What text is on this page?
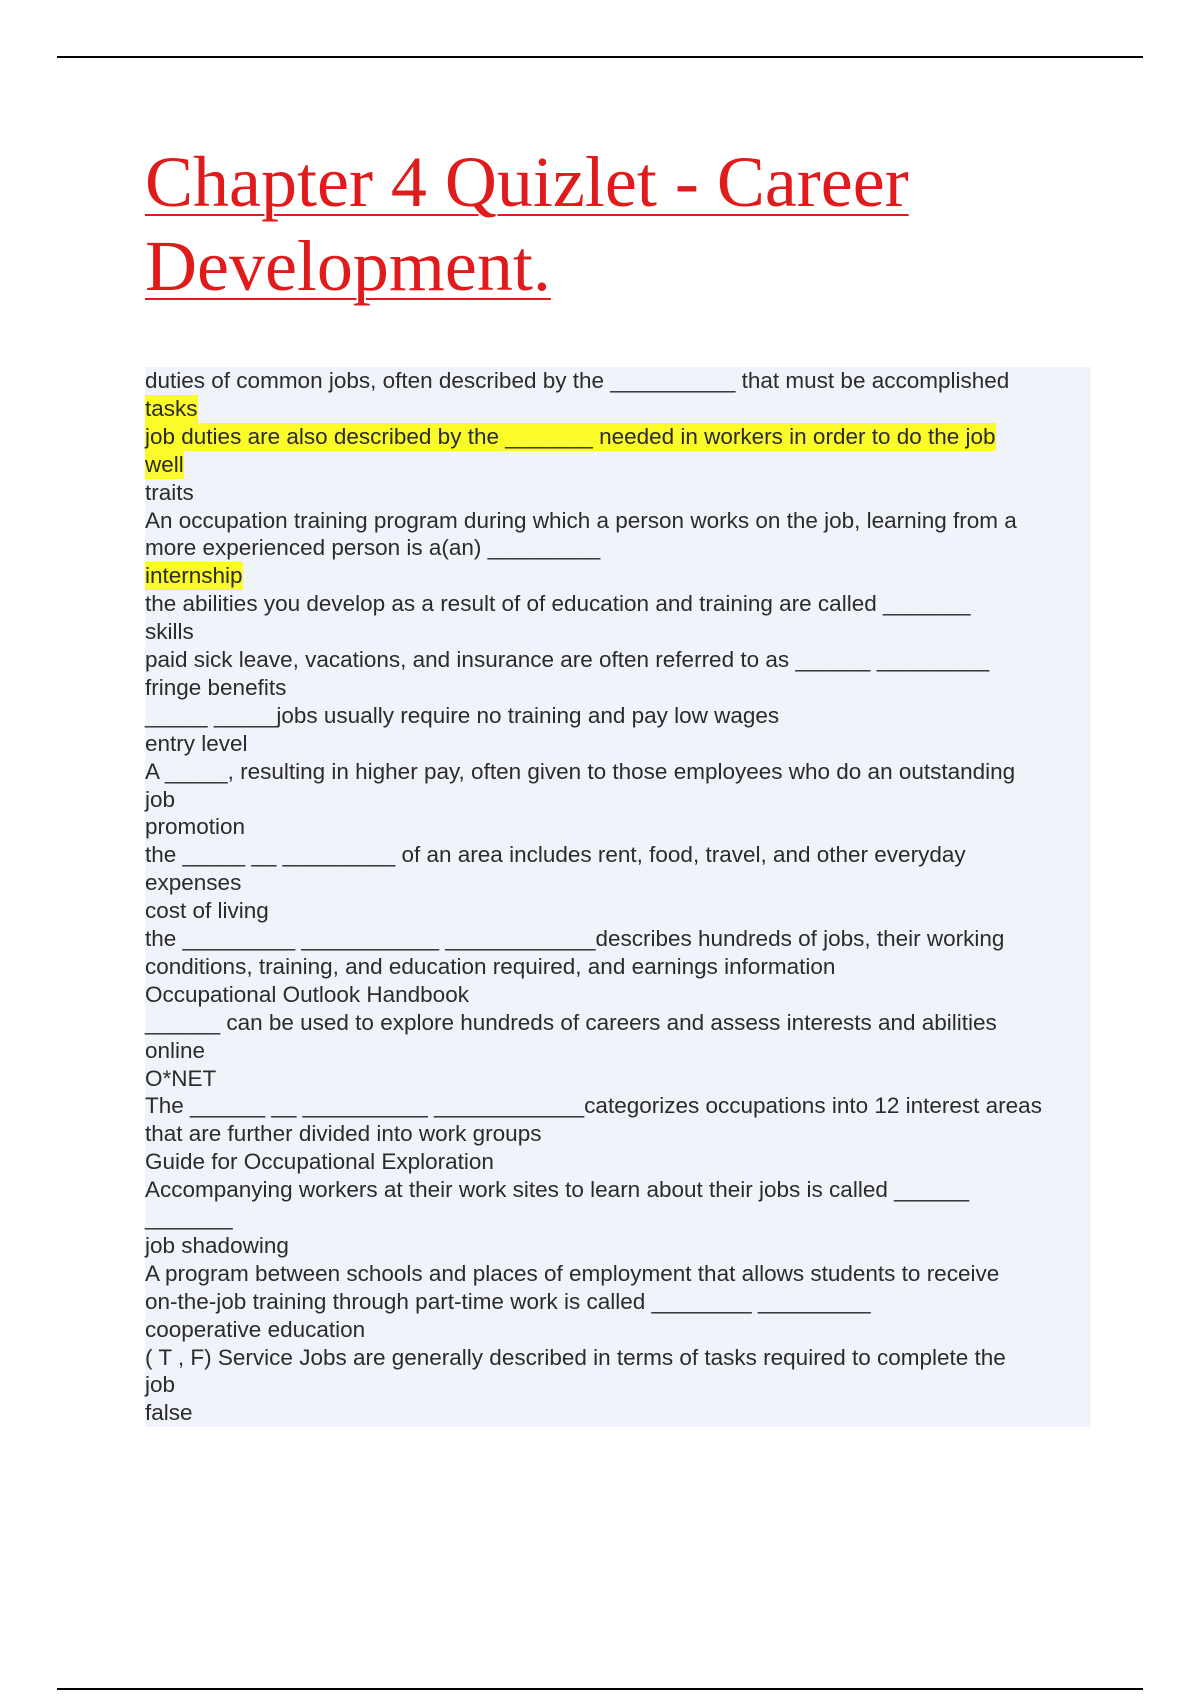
Chapter 4 Quizlet - Career
Development.
duties of common jobs, often described by the __________ that must be accomplished
tasks
job duties are also described by the _______ needed in workers in order to do the job
well
traits
An occupation training program during which a person works on the job, learning from a
more experienced person is a(an) _________
internship
the abilities you develop as a result of of education and training are called _______
skills
paid sick leave, vacations, and insurance are often referred to as ______ _________
fringe benefits
_____ _____jobs usually require no training and pay low wages
entry level
A _____, resulting in higher pay, often given to those employees who do an outstanding
job
promotion
the _____ __ _________ of an area includes rent, food, travel, and other everyday
expenses
cost of living
the _________ ___________ ____________describes hundreds of jobs, their working
conditions, training, and education required, and earnings information
Occupational Outlook Handbook
______ can be used to explore hundreds of careers and assess interests and abilities
online
O*NET
The ______ __ __________ ____________categorizes occupations into 12 interest areas
that are further divided into work groups
Guide for Occupational Exploration
Accompanying workers at their work sites to learn about their jobs is called ______
_______
job shadowing
A program between schools and places of employment that allows students to receive
on-the-job training through part-time work is called ________ _________
cooperative education
( T , F) Service Jobs are generally described in terms of tasks required to complete the
job
false
